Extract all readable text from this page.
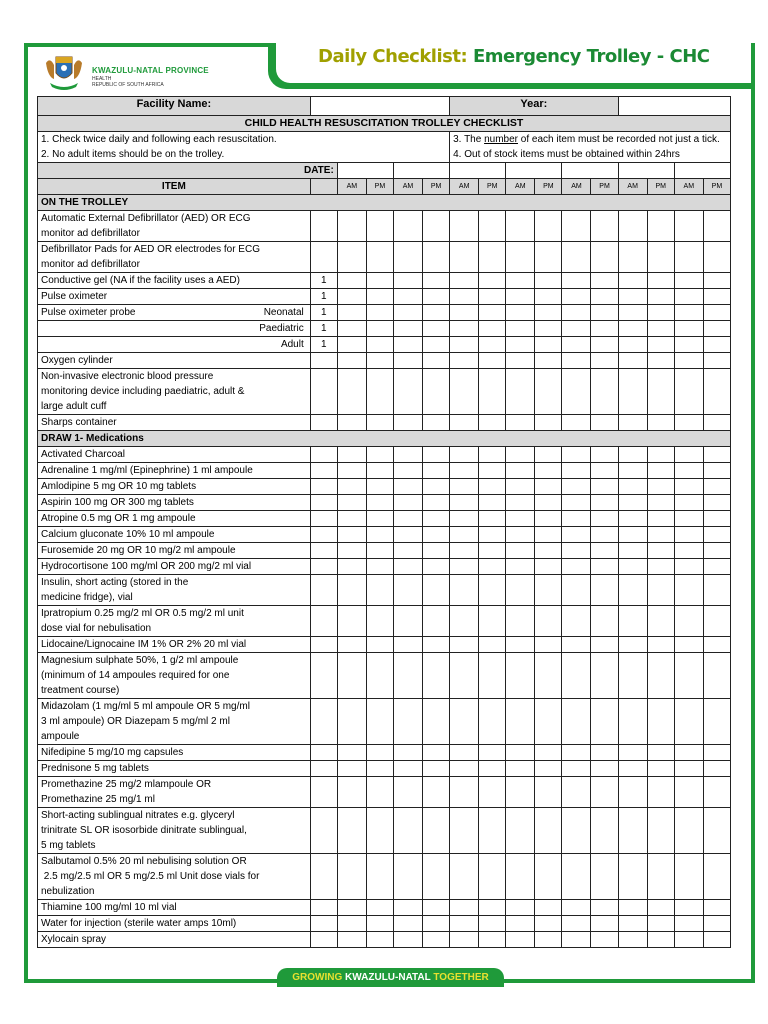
Daily Checklist: Emergency Trolley - CHC
KWAZULU-NATAL PROVINCE
HEALTH
REPUBLIC OF SOUTH AFRICA
Facility Name:						Year:									
CHILD HEALTH RESUSCITATION TROLLEY CHECKLIST															

1. Check twice daily and following each resuscitation.
2. No adult items should be on the trolley.						3. The number of each item must be recorded not just a tick.
4. Out of stock items must be obtained within 24hrs									

DATE:															
ITEM		AM	PM	AM	PM	AM	PM	AM	PM	AM	PM	AM	PM	AM	PM
ON THE TROLLEY															

Automatic External Defibrillator (AED) OR ECG
monitor ad defibrillator															

Defibrillator Pads for AED OR electrodes for ECG
monitor ad defibrillator															

Conductive gel (NA if the facility uses a AED)	1														

Pulse oximeter	1														
Pulse oximeter probe Neonatal	1														

Paediatric	1														

Adult	1														

Oxygen cylinder															

Non-invasive electronic blood pressure
monitoring device including paediatric, adult &
large adult cuff															

Sharps container															

DRAW 1- Medications															

Activated Charcoal															

Adrenaline 1 mg/ml (Epinephrine) 1 ml ampoule															

Amlodipine 5 mg OR 10 mg tablets															

Aspirin 100 mg OR 300 mg tablets															

Atropine 0.5 mg OR 1 mg ampoule															

Calcium gluconate 10% 10 ml ampoule															

Furosemide 20 mg OR 10 mg/2 ml ampoule															

Hydrocortisone 100 mg/ml OR 200 mg/2 ml vial															

Insulin, short acting (stored in the
medicine fridge), vial															

Ipratropium 0.25 mg/2 ml OR 0.5 mg/2 ml unit
dose vial for nebulisation															

Lidocaine/Lignocaine IM 1% OR 2% 20 ml vial															

Magnesium sulphate 50%, 1 g/2 ml ampoule
(minimum of 14 ampoules required for one
treatment course)															

Midazolam (1 mg/ml 5 ml ampoule OR 5 mg/ml
3 ml ampoule) OR Diazepam 5 mg/ml 2 ml
ampoule															

Nifedipine 5 mg/10 mg capsules															

Prednisone 5 mg tablets															

Promethazine 25 mg/2 mlampoule OR
Promethazine 25 mg/1 ml															

Short-acting sublingual nitrates e.g. glyceryl
trinitrate SL OR isosorbide dinitrate sublingual,
5 mg tablets															

Salbutamol 0.5% 20 ml nebulising solution OR
2.5 mg/2.5 ml OR 5 mg/2.5 ml Unit dose vials for
nebulization															

Thiamine 100 mg/ml 10 ml vial															

Water for injection (sterile water amps 10ml)															

Xylocain spray															

GROWING KWAZULU-NATAL TOGETHER
